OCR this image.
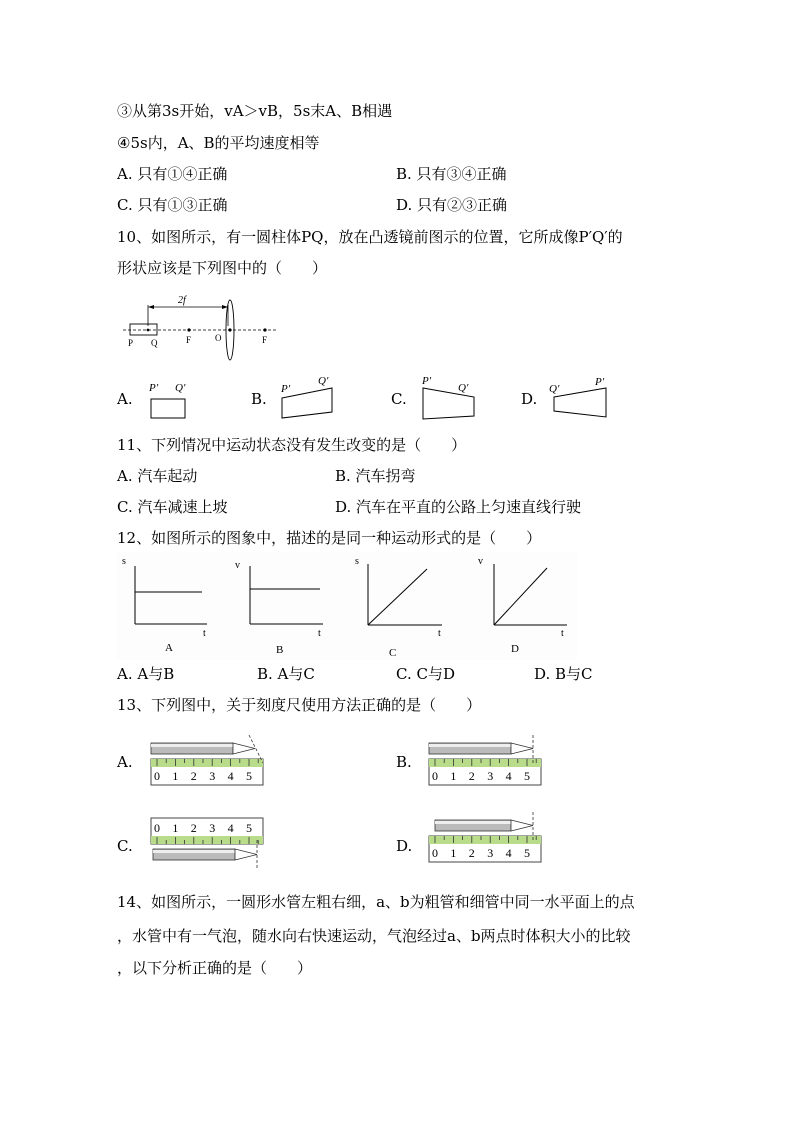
③从第3s开始，vA＞vB，5s末A、B相遇
④5s内，A、B的平均速度相等
A. 只有①④正确	B. 只有③④正确
C. 只有①③正确	D. 只有②③正确
10、如图所示，有一圆柱体PQ，放在凸透镜前图示的位置，它所成像P′Q′的
形状应该是下列图中的（　　）
2f
P Q	F	O	F
A.
P′ Q′
B.
P′
Q′
C.
P′
Q′
D.
Q′
P′
11、下列情况中运动状态没有发生改变的是（　　）
A. 汽车起动	B. 汽车拐弯
C. 汽车减速上坡	D. 汽车在平直的公路上匀速直线行驶
12、如图所示的图象中，描述的是同一种运动形式的是（　　）
s
t
A
v
t
B
s
t
C
v
t
D
A. A与B	B. A与C	C. C与D	D. B与C
13、下列图中，关于刻度尺使用方法正确的是（　　）
A.	B.
C.	D.
0 1 2 3 4 5	0 1 2 3 4 5
0 1 2 3 4 5
0 1 2 3 4 5
14、如图所示，一圆形水管左粗右细，a、b为粗管和细管中同一水平面上的点
，水管中有一气泡，随水向右快速运动，气泡经过a、b两点时体积大小的比较
，以下分析正确的是（　　）
